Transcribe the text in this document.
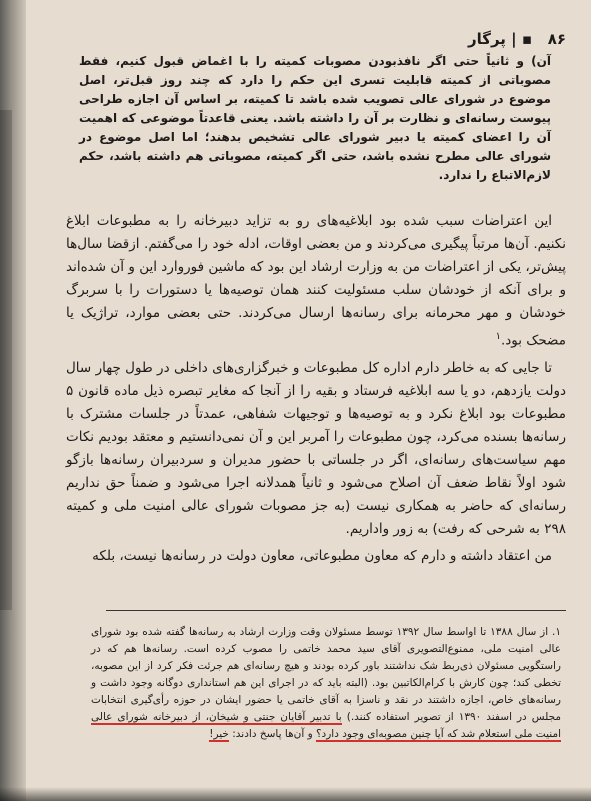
۸۶
▪ | پرگار

آن) و ثانیاً حتی اگر نافذبودن مصوبات کمیته را با اغماض قبول کنیم، فقط مصوباتی از کمیته قابلیت تسری این حکم را دارد که چند روز قبل‌تر، اصل موضوع در شورای عالی تصویب شده باشد تا کمیته، بر اساس آن اجازه طراحی پیوست رسانه‌ای و نظارت بر آن را داشته باشد. یعنی قاعدتاً موضوعی که اهمیت آن را اعضای کمیته یا دبیر شورای عالی تشخیص بدهند؛ اما اصل موضوع در شورای عالی مطرح نشده باشد، حتی اگر کمیته، مصوباتی هم داشته باشد، حکم لازم‌الاتباع را ندارد.

این اعتراضات سبب شده بود ابلاغیه‌های رو به تزاید دبیرخانه را به مطبوعات ابلاغ نکنیم. آن‌ها مرتباً پیگیری می‌کردند و من بعضی اوقات، ادله خود را می‌گفتم. ازقضا سال‌ها پیش‌تر، یکی از اعتراضات من به وزارت ارشاد این بود که ماشین فوروارد این و آن شده‌اند و برای آنکه از خودشان سلب مسئولیت کنند همان توصیه‌ها یا دستورات را با سربرگ خودشان و مهر محرمانه برای رسانه‌ها ارسال می‌کردند. حتی بعضی موارد، تراژیک یا مضحک بود.$^۱$

تا جایی که به خاطر دارم اداره کل مطبوعات و خبرگزاری‌های داخلی در طول چهار سال دولت یازدهم، دو یا سه ابلاغیه فرستاد و بقیه را از آنجا که مغایر تبصره ذیل ماده قانون ۵ مطبوعات بود ابلاغ نکرد و به توصیه‌ها و توجیهات شفاهی، عمدتاً در جلسات مشترک با رسانه‌ها بسنده می‌کرد، چون مطبوعات را آمربر این و آن نمی‌دانستیم و معتقد بودیم نکات مهم سیاست‌های رسانه‌ای، اگر در جلساتی با حضور مدیران و سردبیران رسانه‌ها بازگو شود اولاً نقاط ضعف آن اصلاح می‌شود و ثانیاً همدلانه اجرا می‌شود و ضمناً حق نداریم رسانه‌ای که حاضر به همکاری نیست (به جز مصوبات شورای عالی امنیت ملی و کمیته ۲۹۸ به شرحی که رفت) به زور واداریم.

من اعتقاد داشته و دارم که معاون مطبوعاتی، معاون دولت در رسانه‌ها نیست، بلکه

۱. از سال ۱۳۸۸ تا اواسط سال ۱۳۹۲ توسط مسئولان وقت وزارت ارشاد به رسانه‌ها گفته شده بود شورای عالی امنیت ملی، ممنوع‌التصویری آقای سید محمد خاتمی را مصوب کرده است. رسانه‌ها هم که در راستگویی مسئولان ذی‌ربط شک نداشتند باور کرده بودند و هیچ رسانه‌ای هم جرئت فکر کرد از این مصوبه، تخطی کند؛ چون کارش با کرام‌الکاتبین بود. (البته باید که در اجرای این هم استانداری دوگانه وجود داشت و رسانه‌های خاص، اجازه داشتند در نقد و ناسزا به آقای خاتمی یا حضور ایشان در حوزه رأی‌گیری انتخابات مجلس در اسفند ۱۳۹۰ از تصویر استفاده کنند.) با تدبیر آقایان جنتی و شیخان، از دبیرخانه شورای عالی امنیت ملی استعلام شد که آیا چنین مصوبه‌ای وجود دارد؟ و آن‌ها پاسخ دادند: خیر!
